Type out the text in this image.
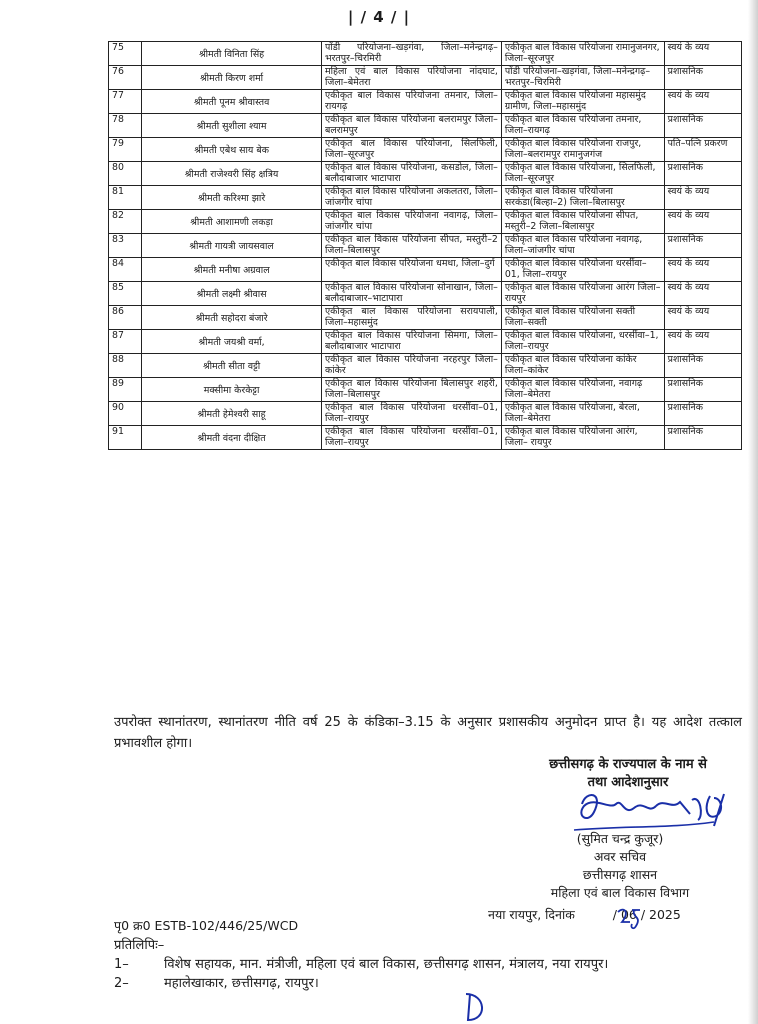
| / 4 / |
75	श्रीमती विनिता सिंह	पोंडी परियोजना–खड़गंवा, जिला–मनेन्द्रगढ़–भरतपुर–चिरमिरी	एकीकृत बाल विकास परियोजना रामानुजनगर, जिला–सूरजपुर	स्वयं के व्यय
76	श्रीमती किरण शर्मा	महिला एवं बाल विकास परियोजना नांदघाट, जिला–बेमेतरा	पोंडी परियोजना–खड़गंवा, जिला–मनेन्द्रगढ़–भरतपुर–चिरमिरी	प्रशासनिक
77	श्रीमती पूनम श्रीवास्तव	एकीकृत बाल विकास परियोजना तमनार, जिला–रायगढ़	एकीकृत बाल विकास परियोजना महासमुंद ग्रामीण, जिला–महासमुंद	स्वयं के व्यय
78	श्रीमती सुशीला श्याम	एकीकृत बाल विकास परियोजना बलरामपुर जिला–बलरामपुर	एकीकृत बाल विकास परियोजना तमनार, जिला–रायगढ़	प्रशासनिक
79	श्रीमती एबेथ साय बेक	एकीकृत बाल विकास परियोजना, सिलफिली, जिला–सूरजपुर	एकीकृत बाल विकास परियोजना राजपुर, जिला–बलरामपुर रामानुजगंज	पति–पत्नि प्रकरण
80	श्रीमती राजेश्वरी सिंह क्षत्रिय	एकीकृत बाल विकास परियोजना, कसडोल, जिला–बलौदाबाजार भाटापारा	एकीकृत बाल विकास परियोजना, सिलफिली, जिला–सूरजपुर	प्रशासनिक
81	श्रीमती करिश्मा झारे	एकीकृत बाल विकास परियोजना अकलतरा, जिला–जांजगीर चांपा	एकीकृत बाल विकास परियोजना सरकंडा(बिल्हा–2) जिला–बिलासपुर	स्वयं के व्यय
82	श्रीमती आशामणी लकड़ा	एकीकृत बाल विकास परियोजना नवागढ़, जिला–जांजगीर चांपा	एकीकृत बाल विकास परियोजना सीपत, मस्तुरी–2 जिला–बिलासपुर	स्वयं के व्यय
83	श्रीमती गायत्री जायसवाल	एकीकृत बाल विकास परियोजना सीपत, मस्तुरी–2 जिला–बिलासपुर	एकीकृत बाल विकास परियोजना नवागढ़, जिला–जांजगीर चांपा	प्रशासनिक
84	श्रीमती मनीषा अग्रवाल	एकीकृत बाल विकास परियोजना धमधा, जिला–दुर्ग	एकीकृत बाल विकास परियोजना धरसींवा–01, जिला–रायपुर	स्वयं के व्यय
85	श्रीमती लक्ष्मी श्रीवास	एकीकृत बाल विकास परियोजना सोनाखान, जिला–बलौदाबाजार–भाटापारा	एकीकृत बाल विकास परियोजना आरंग जिला–रायपुर	स्वयं के व्यय
86	श्रीमती सहोदरा बंजारे	एकीकृत बाल विकास परियोजना सरायपाली, जिला–महासमुंद	एकीकृत बाल विकास परियोजना सक्ती जिला–सक्ती	स्वयं के व्यय
87	श्रीमती जयश्री वर्मा,	एकीकृत बाल विकास परियोजना सिमगा, जिला–बलौदाबाजार भाटापारा	एकीकृत बाल विकास परियोजना, धरसींवा–1, जिला–रायपुर	स्वयं के व्यय
88	श्रीमती सीता वट्टी	एकीकृत बाल विकास परियोजना नरहरपुर जिला–कांकेर	एकीकृत बाल विकास परियोजना कांकेर जिला–कांकेर	प्रशासनिक
89	मक्सीमा केरकेट्टा	एकीकृत बाल विकास परियोजना बिलासपुर शहरी, जिला–बिलासपुर	एकीकृत बाल विकास परियोजना, नवागढ़ जिला–बेमेतरा	प्रशासनिक
90	श्रीमती हेमेश्वरी साहू	एकीकृत बाल विकास परियोजना धरसींवा–01, जिला–रायपुर	एकीकृत बाल विकास परियोजना, बेरला, जिला–बेमेतरा	प्रशासनिक
91	श्रीमती वंदना दीक्षित	एकीकृत बाल विकास परियोजना धरसींवा–01, जिला–रायपुर	एकीकृत बाल विकास परियोजना आरंग, जिला– रायपुर	प्रशासनिक
उपरोक्त स्थानांतरण, स्थानांतरण नीति वर्ष 25 के कंडिका–3.15 के अनुसार प्रशासकीय अनुमोदन प्राप्त है। यह आदेश तत्काल प्रभावशील होगा।
छत्तीसगढ़ के राज्यपाल के नाम से
तथा आदेशानुसार
(सुमित चन्द्र कुजूर)
अवर सचिव
छत्तीसगढ़ शासन
महिला एवं बाल विकास विभाग
नया रायपुर, दिनांक	/ 06 / 2025
पृ0 क्र0 ESTB-102/446/25/WCD
प्रतिलिपिः–
1–	विशेष सहायक, मान. मंत्रीजी, महिला एवं बाल विकास, छत्तीसगढ़ शासन, मंत्रालय, नया रायपुर।
2–	महालेखाकार, छत्तीसगढ़, रायपुर।
